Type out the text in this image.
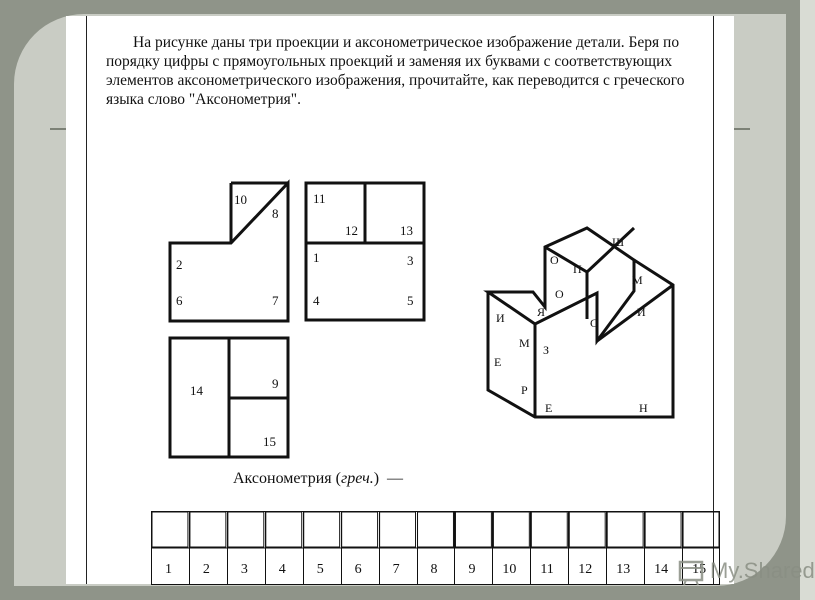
На рисунке даны три проекции и аксонометрическое изображение детали. Беря по порядку цифры с прямоугольных проекций и заменяя их буквами с соответствующих элементов аксонометрического изображения, прочитайте, как переводится с греческого языка слово "Аксонометрия".

10
8
2
6	7
11
12	13
1	3
4	5
14	9
15
О
П
Ш
О
М
Я
И	С
И
М З
Е
Р
Е	Н
Аксонометрия (греч.)  —
1 2 3 4 5 6 7 8 9 10 11 12 13 14 15 My.Shared
